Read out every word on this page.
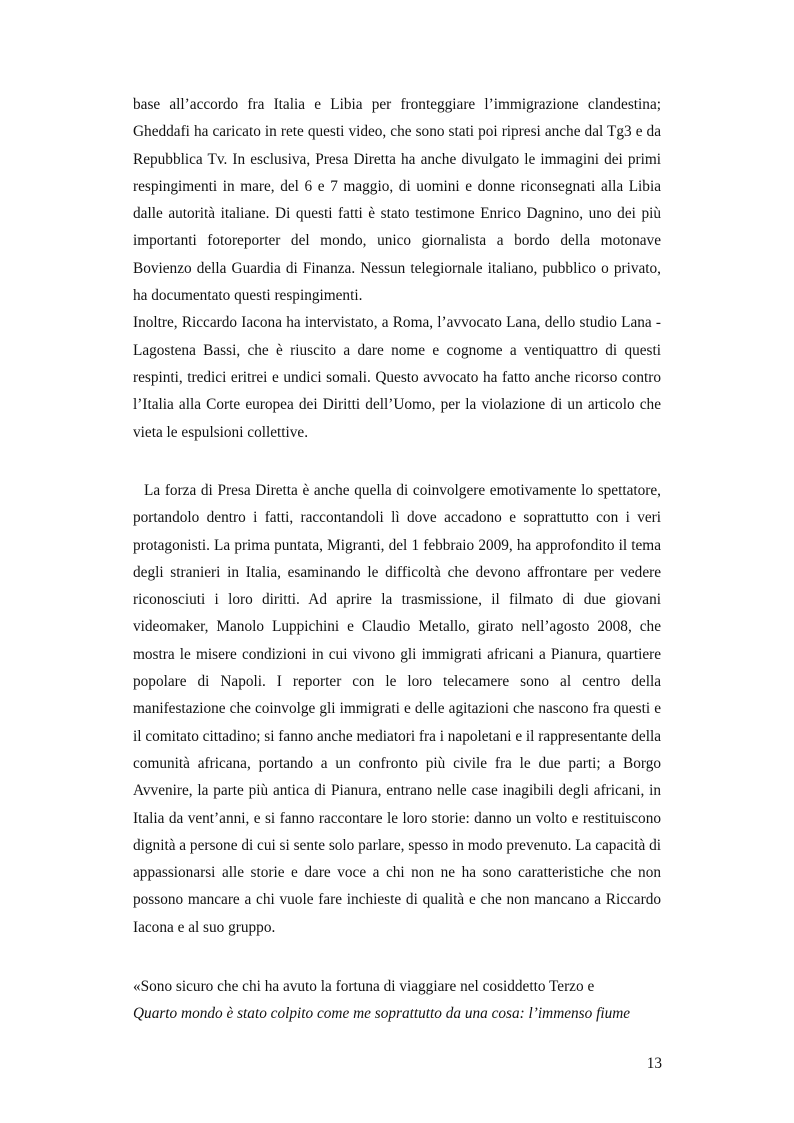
base all’accordo fra Italia e Libia per fronteggiare l’immigrazione clandestina; Gheddafi ha caricato in rete questi video, che sono stati poi ripresi anche dal Tg3 e da Repubblica Tv. In esclusiva, Presa Diretta ha anche divulgato le immagini dei primi respingimenti in mare, del 6 e 7 maggio, di uomini e donne riconsegnati alla Libia dalle autorità italiane. Di questi fatti è stato testimone Enrico Dagnino, uno dei più importanti fotoreporter del mondo, unico giornalista a bordo della motonave Bovienzo della Guardia di Finanza. Nessun telegiornale italiano, pubblico o privato, ha documentato questi respingimenti.

Inoltre, Riccardo Iacona ha intervistato, a Roma, l’avvocato Lana, dello studio Lana - Lagostena Bassi, che è riuscito a dare nome e cognome a ventiquattro di questi respinti, tredici eritrei e undici somali. Questo avvocato ha fatto anche ricorso contro l’Italia alla Corte europea dei Diritti dell’Uomo, per la violazione di un articolo che vieta le espulsioni collettive.

La forza di Presa Diretta è anche quella di coinvolgere emotivamente lo spettatore, portandolo dentro i fatti, raccontandoli lì dove accadono e soprattutto con i veri protagonisti. La prima puntata, Migranti, del 1 febbraio 2009, ha approfondito il tema degli stranieri in Italia, esaminando le difficoltà che devono affrontare per vedere riconosciuti i loro diritti. Ad aprire la trasmissione, il filmato di due giovani videomaker, Manolo Luppichini e Claudio Metallo, girato nell’agosto 2008, che mostra le misere condizioni in cui vivono gli immigrati africani a Pianura, quartiere popolare di Napoli. I reporter con le loro telecamere sono al centro della manifestazione che coinvolge gli immigrati e delle agitazioni che nascono fra questi e il comitato cittadino; si fanno anche mediatori fra i napoletani e il rappresentante della comunità africana, portando a un confronto più civile fra le due parti; a Borgo Avvenire, la parte più antica di Pianura, entrano nelle case inagibili degli africani, in Italia da vent’anni, e si fanno raccontare le loro storie: danno un volto e restituiscono dignità a persone di cui si sente solo parlare, spesso in modo prevenuto. La capacità di appassionarsi alle storie e dare voce a chi non ne ha sono caratteristiche che non possono mancare a chi vuole fare inchieste di qualità e che non mancano a Riccardo Iacona e al suo gruppo.

«Sono sicuro che chi ha avuto la fortuna di viaggiare nel cosiddetto Terzo e

Quarto mondo è stato colpito come me soprattutto da una cosa: l’immenso fiume

13
